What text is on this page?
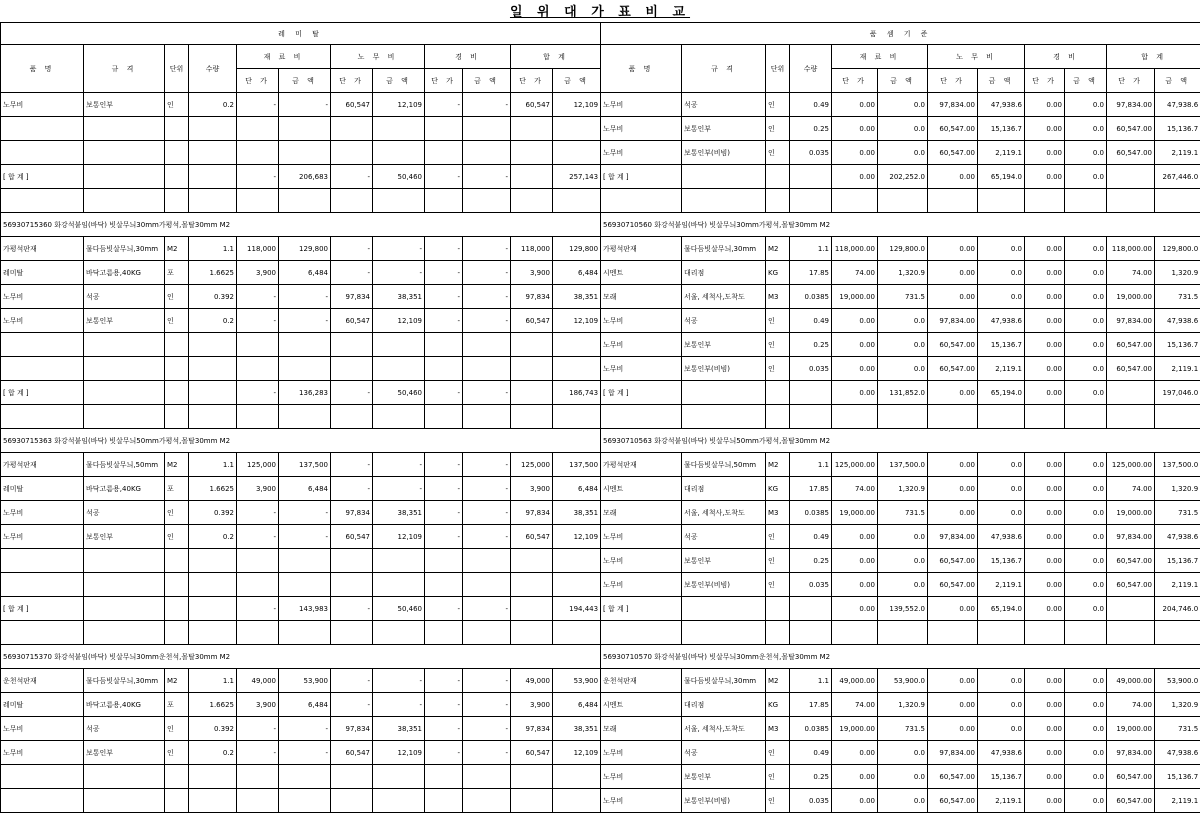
일 위 대 가 표 비 교
레 미 탈											
품 명	규 격	단위	수량	재 료 비		노 무 비		경 비		합 계	
				단 가	금 액	단 가	금 액	단 가	금 액	단 가	금 액
노무비	보통인부	인	0.2	-	-	60,547	12,109	-	-	60,547	12,109

[ 합 계 ]				-	206,683	-	50,460	-	-		257,143

56930715360 화강석붙임(바닥) 빗살무늬30mm가평석,몰탈30mm M2											
가평석판재	물다듬빗살무늬,30mm	M2	1.1	118,000	129,800	-	-	-	-	118,000	129,800
레미탈	바닥고름용,40KG	포	1.6625	3,900	6,484	-	-	-	-	3,900	6,484
노무비	석공	인	0.392	-	-	97,834	38,351	-	-	97,834	38,351
노무비	보통인부	인	0.2	-	-	60,547	12,109	-	-	60,547	12,109

[ 합 계 ]				-	136,283	-	50,460	-	-		186,743

56930715363 화강석붙임(바닥) 빗살무늬50mm가평석,몰탈30mm M2											
가평석판재	물다듬빗살무늬,50mm	M2	1.1	125,000	137,500	-	-	-	-	125,000	137,500
레미탈	바닥고름용,40KG	포	1.6625	3,900	6,484	-	-	-	-	3,900	6,484
노무비	석공	인	0.392	-	-	97,834	38,351	-	-	97,834	38,351
노무비	보통인부	인	0.2	-	-	60,547	12,109	-	-	60,547	12,109

[ 합 계 ]				-	143,983	-	50,460	-	-		194,443

56930715370 화강석붙임(바닥) 빗살무늬30mm운천석,몰탈30mm M2											
운천석판재	물다듬빗살무늬,30mm	M2	1.1	49,000	53,900	-	-	-	-	49,000	53,900
레미탈	바닥고름용,40KG	포	1.6625	3,900	6,484	-	-	-	-	3,900	6,484
노무비	석공	인	0.392	-	-	97,834	38,351	-	-	97,834	38,351
노무비	보통인부	인	0.2	-	-	60,547	12,109	-	-	60,547	12,109

품 셈 기 준											
품 명	규 격	단위	수량	재 료 비		노 무 비		경 비		합 계	
				단 가	금 액	단 가	금 액	단 가	금 액	단 가	금 액
노무비	석공	인	0.49	0.00	0.0	97,834.00	47,938.6	0.00	0.0	97,834.00	47,938.6
노무비	보통인부	인	0.25	0.00	0.0	60,547.00	15,136.7	0.00	0.0	60,547.00	15,136.7
노무비	보통인부(비빔)	인	0.035	0.00	0.0	60,547.00	2,119.1	0.00	0.0	60,547.00	2,119.1
[ 합 계 ]				0.00	202,252.0	0.00	65,194.0	0.00	0.0		267,446.0

56930710560 화강석붙임(바닥) 빗살무늬30mm가평석,몰탈30mm M2											
가평석판재	물다듬빗살무늬,30mm	M2	1.1	118,000.00	129,800.0	0.00	0.0	0.00	0.0	118,000.00	129,800.0
시멘트	대리점	KG	17.85	74.00	1,320.9	0.00	0.0	0.00	0.0	74.00	1,320.9
모래	서울, 세척사,도착도	M3	0.0385	19,000.00	731.5	0.00	0.0	0.00	0.0	19,000.00	731.5
노무비	석공	인	0.49	0.00	0.0	97,834.00	47,938.6	0.00	0.0	97,834.00	47,938.6
노무비	보통인부	인	0.25	0.00	0.0	60,547.00	15,136.7	0.00	0.0	60,547.00	15,136.7
노무비	보통인부(비빔)	인	0.035	0.00	0.0	60,547.00	2,119.1	0.00	0.0	60,547.00	2,119.1
[ 합 계 ]				0.00	131,852.0	0.00	65,194.0	0.00	0.0		197,046.0

56930710563 화강석붙임(바닥) 빗살무늬50mm가평석,몰탈30mm M2											
가평석판재	물다듬빗살무늬,50mm	M2	1.1	125,000.00	137,500.0	0.00	0.0	0.00	0.0	125,000.00	137,500.0
시멘트	대리점	KG	17.85	74.00	1,320.9	0.00	0.0	0.00	0.0	74.00	1,320.9
모래	서울, 세척사,도착도	M3	0.0385	19,000.00	731.5	0.00	0.0	0.00	0.0	19,000.00	731.5
노무비	석공	인	0.49	0.00	0.0	97,834.00	47,938.6	0.00	0.0	97,834.00	47,938.6
노무비	보통인부	인	0.25	0.00	0.0	60,547.00	15,136.7	0.00	0.0	60,547.00	15,136.7
노무비	보통인부(비빔)	인	0.035	0.00	0.0	60,547.00	2,119.1	0.00	0.0	60,547.00	2,119.1
[ 합 계 ]				0.00	139,552.0	0.00	65,194.0	0.00	0.0		204,746.0

56930710570 화강석붙임(바닥) 빗살무늬30mm운천석,몰탈30mm M2											
운천석판재	물다듬빗살무늬,30mm	M2	1.1	49,000.00	53,900.0	0.00	0.0	0.00	0.0	49,000.00	53,900.0
시멘트	대리점	KG	17.85	74.00	1,320.9	0.00	0.0	0.00	0.0	74.00	1,320.9
모래	서울, 세척사,도착도	M3	0.0385	19,000.00	731.5	0.00	0.0	0.00	0.0	19,000.00	731.5
노무비	석공	인	0.49	0.00	0.0	97,834.00	47,938.6	0.00	0.0	97,834.00	47,938.6
노무비	보통인부	인	0.25	0.00	0.0	60,547.00	15,136.7	0.00	0.0	60,547.00	15,136.7
노무비	보통인부(비빔)	인	0.035	0.00	0.0	60,547.00	2,119.1	0.00	0.0	60,547.00	2,119.1
